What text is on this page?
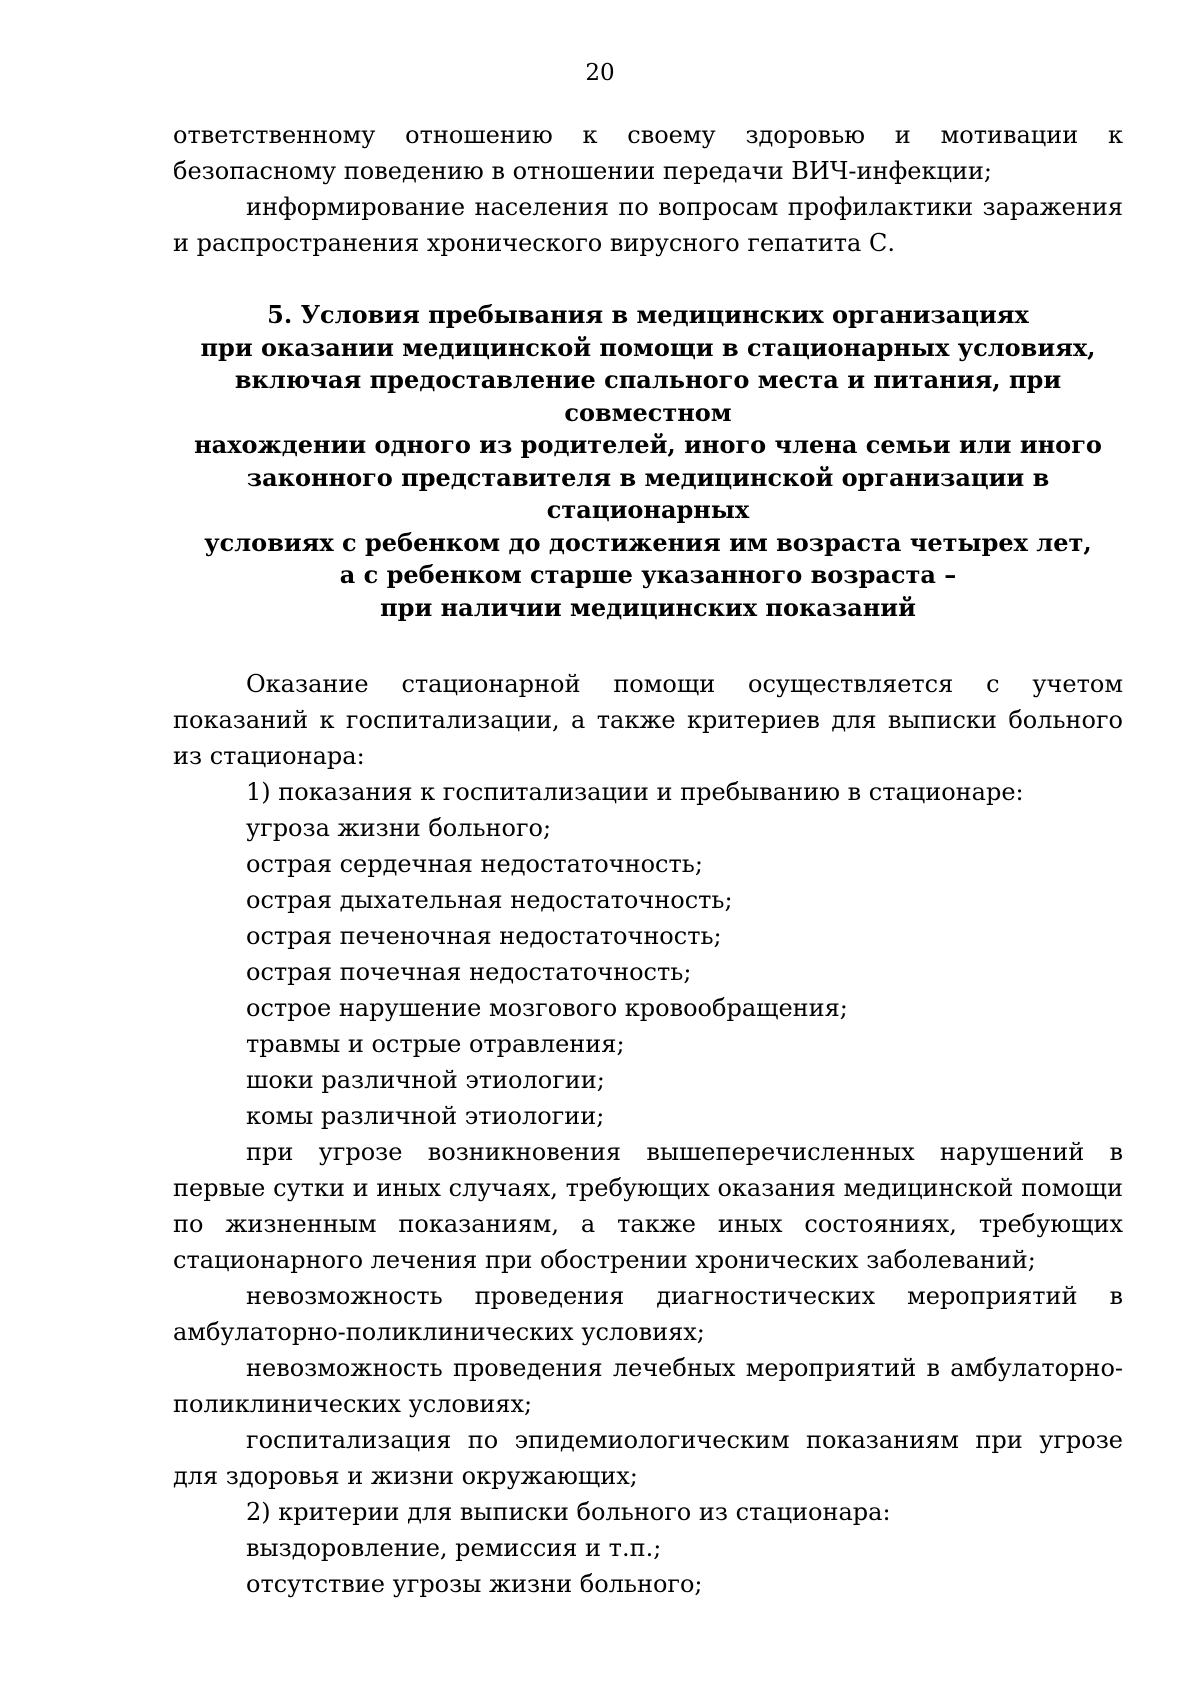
20

ответственному отношению к своему здоровью и мотивации к безопасному поведению в отношении передачи ВИЧ-инфекции;

информирование населения по вопросам профилактики заражения и распространения хронического вирусного гепатита С.

5. Условия пребывания в медицинских организациях
при оказании медицинской помощи в стационарных условиях,
включая предоставление спального места и питания, при совместном
нахождении одного из родителей, иного члена семьи или иного
законного представителя в медицинской организации в стационарных
условиях с ребенком до достижения им возраста четырех лет,
а с ребенком старше указанного возраста –
при наличии медицинских показаний

Оказание стационарной помощи осуществляется с учетом показаний к госпитализации, а также критериев для выписки больного из стационара:

1) показания к госпитализации и пребыванию в стационаре:

угроза жизни больного;

острая сердечная недостаточность;

острая дыхательная недостаточность;

острая печеночная недостаточность;

острая почечная недостаточность;

острое нарушение мозгового кровообращения;

травмы и острые отравления;

шоки различной этиологии;

комы различной этиологии;

при угрозе возникновения вышеперечисленных нарушений в первые сутки и иных случаях, требующих оказания медицинской помощи по жизненным показаниям, а также иных состояниях, требующих стационарного лечения при обострении хронических заболеваний;

невозможность проведения диагностических мероприятий в амбулаторно-поликлинических условиях;

невозможность проведения лечебных мероприятий в амбулаторно-поликлинических условиях;

госпитализация по эпидемиологическим показаниям при угрозе для здоровья и жизни окружающих;

2) критерии для выписки больного из стационара:

выздоровление, ремиссия и т.п.;

отсутствие угрозы жизни больного;
